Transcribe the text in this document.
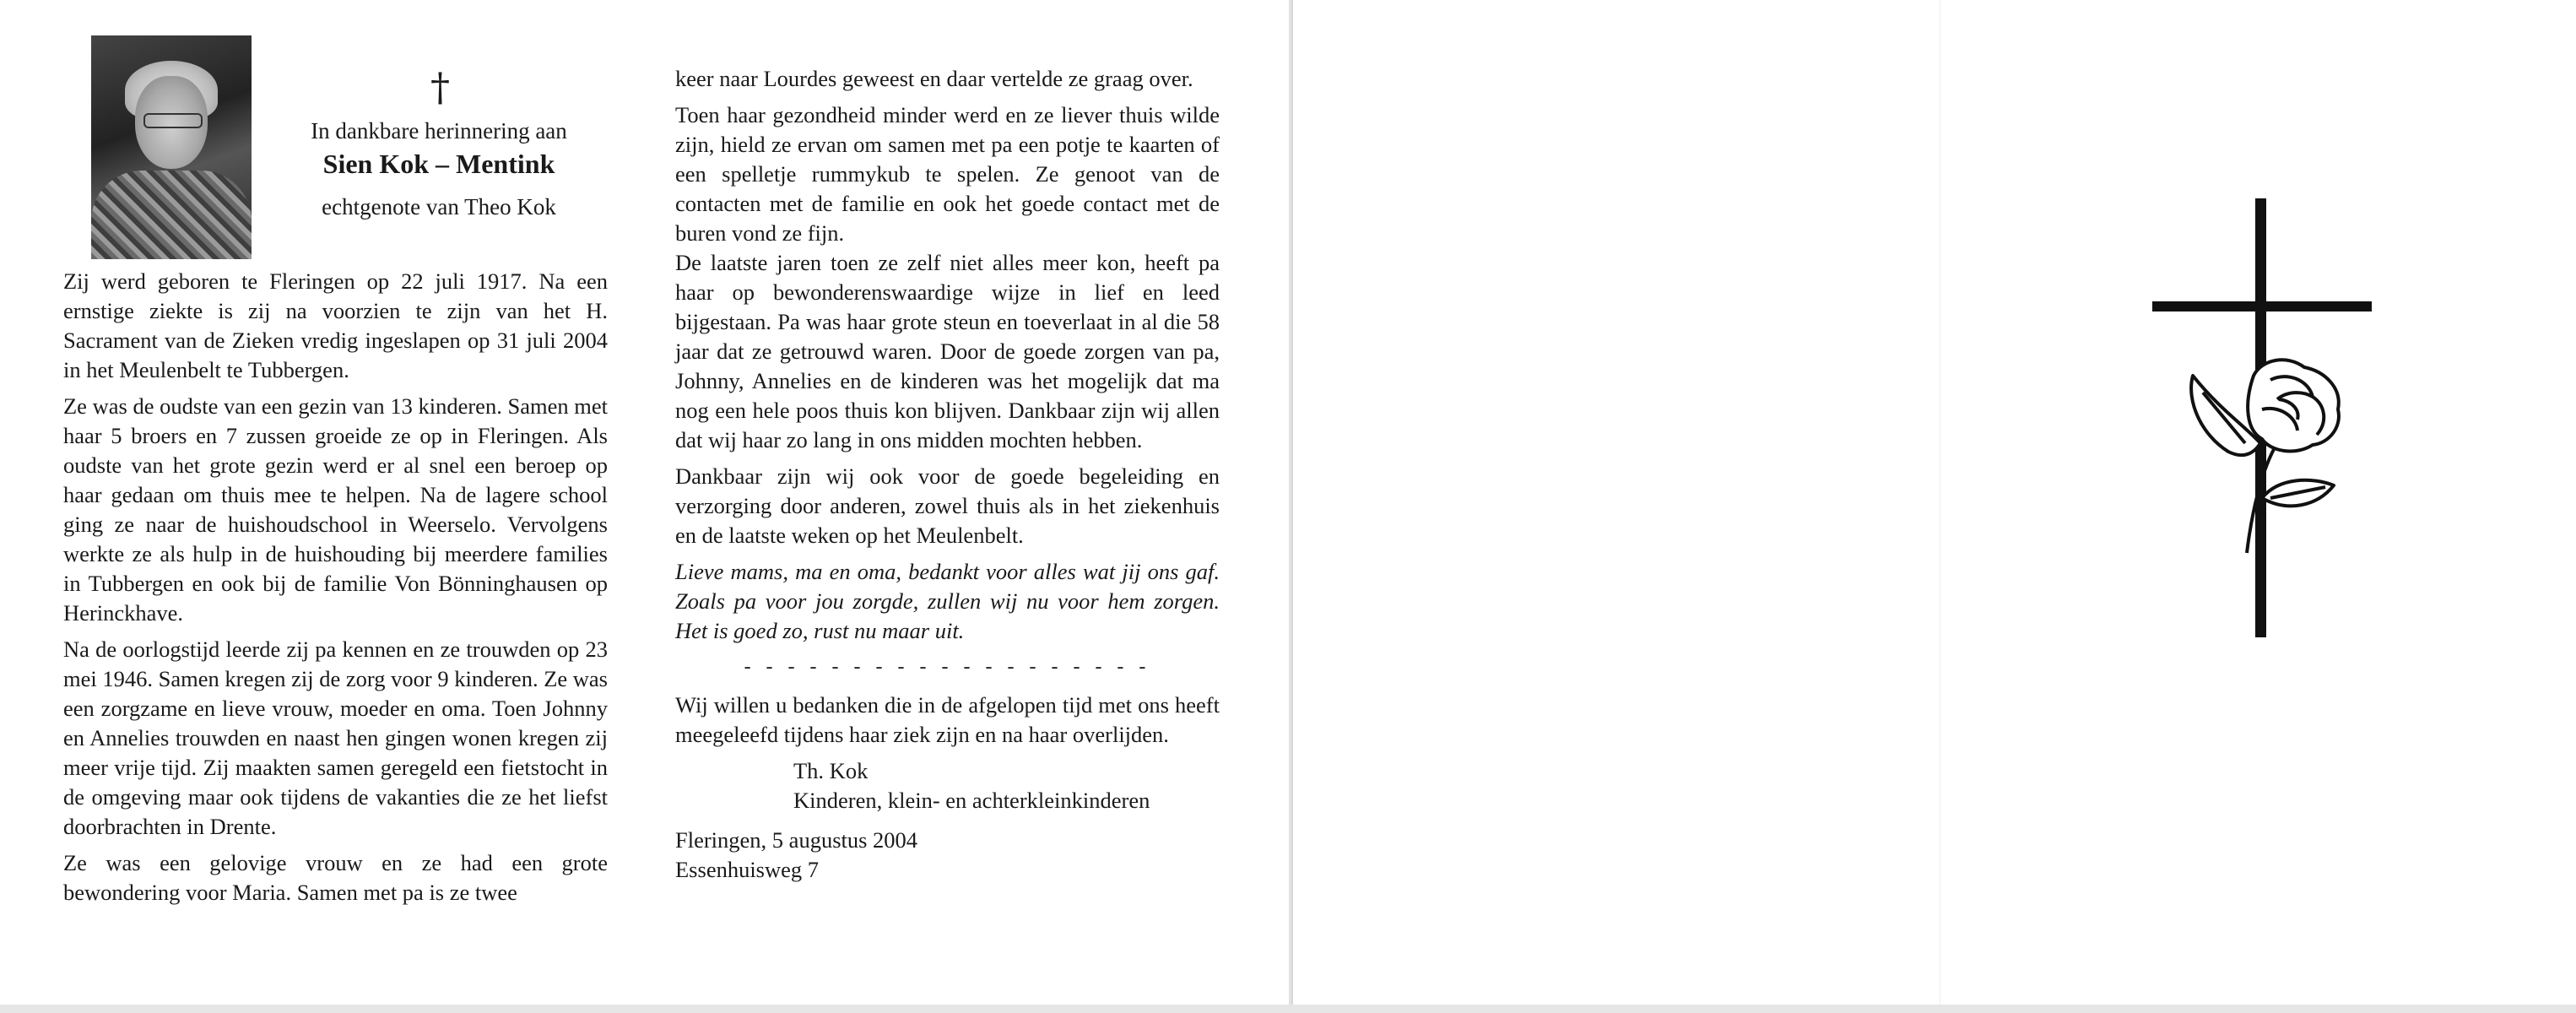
†
In dankbare herinnering aan
Sien Kok – Mentink
echtgenote van Theo Kok

Zij werd geboren te Fleringen op 22 juli 1917. Na een ernstige ziekte is zij na voorzien te zijn van het H. Sacrament van de Zieken vredig ingeslapen op 31 juli 2004 in het Meulenbelt te Tubbergen.

Ze was de oudste van een gezin van 13 kinderen. Samen met haar 5 broers en 7 zussen groeide ze op in Fleringen. Als oudste van het grote gezin werd er al snel een beroep op haar gedaan om thuis mee te helpen. Na de lagere school ging ze naar de huishoudschool in Weerselo. Vervolgens werkte ze als hulp in de huishouding bij meerdere families in Tubbergen en ook bij de familie Von Bönninghausen op Herinckhave.

Na de oorlogstijd leerde zij pa kennen en ze trouwden op 23 mei 1946. Samen kregen zij de zorg voor 9 kinderen. Ze was een zorgzame en lieve vrouw, moeder en oma. Toen Johnny en Annelies trouwden en naast hen gingen wonen kregen zij meer vrije tijd. Zij maakten samen geregeld een fietstocht in de omgeving maar ook tijdens de vakanties die ze het liefst doorbrachten in Drente.

Ze was een gelovige vrouw en ze had een grote bewondering voor Maria. Samen met pa is ze twee

keer naar Lourdes geweest en daar vertelde ze graag over.

Toen haar gezondheid minder werd en ze liever thuis wilde zijn, hield ze ervan om samen met pa een potje te kaarten of een spelletje rummykub te spelen. Ze genoot van de contacten met de familie en ook het goede contact met de buren vond ze fijn.

De laatste jaren toen ze zelf niet alles meer kon, heeft pa haar op bewonderenswaardige wijze in lief en leed bijgestaan. Pa was haar grote steun en toeverlaat in al die 58 jaar dat ze getrouwd waren. Door de goede zorgen van pa, Johnny, Annelies en de kinderen was het mogelijk dat ma nog een hele poos thuis kon blijven. Dankbaar zijn wij allen dat wij haar zo lang in ons midden mochten hebben.

Dankbaar zijn wij ook voor de goede begeleiding en verzorging door anderen, zowel thuis als in het ziekenhuis en de laatste weken op het Meulenbelt.

Lieve mams, ma en oma, bedankt voor alles wat jij ons gaf. Zoals pa voor jou zorgde, zullen wij nu voor hem zorgen. Het is goed zo, rust nu maar uit.

- - - - - - - - - - - - - - - - - - -

Wij willen u bedanken die in de afgelopen tijd met ons heeft meegeleefd tijdens haar ziek zijn en na haar overlijden.

Th. Kok
Kinderen, klein- en achterkleinkinderen
Fleringen, 5 augustus 2004
Essenhuisweg 7
